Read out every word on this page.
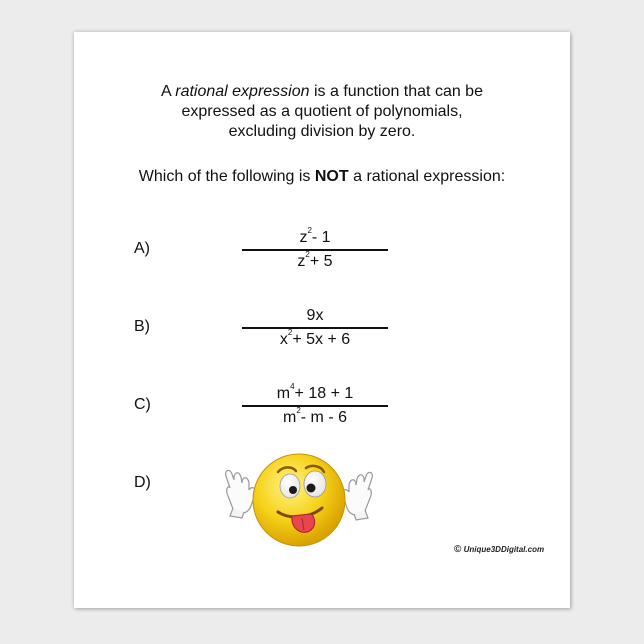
A rational expression is a function that can be
expressed as a quotient of polynomials,
excluding division by zero.
Which of the following is NOT a rational expression:
A)
$z^2-$ 1
$z^2+ 5$
B)
9x
$x^2+ 5x + 6$
C)
$m^4+ 18 + 1$
$m^2-$ m - 6
D)
© Unique3DDigital.com
